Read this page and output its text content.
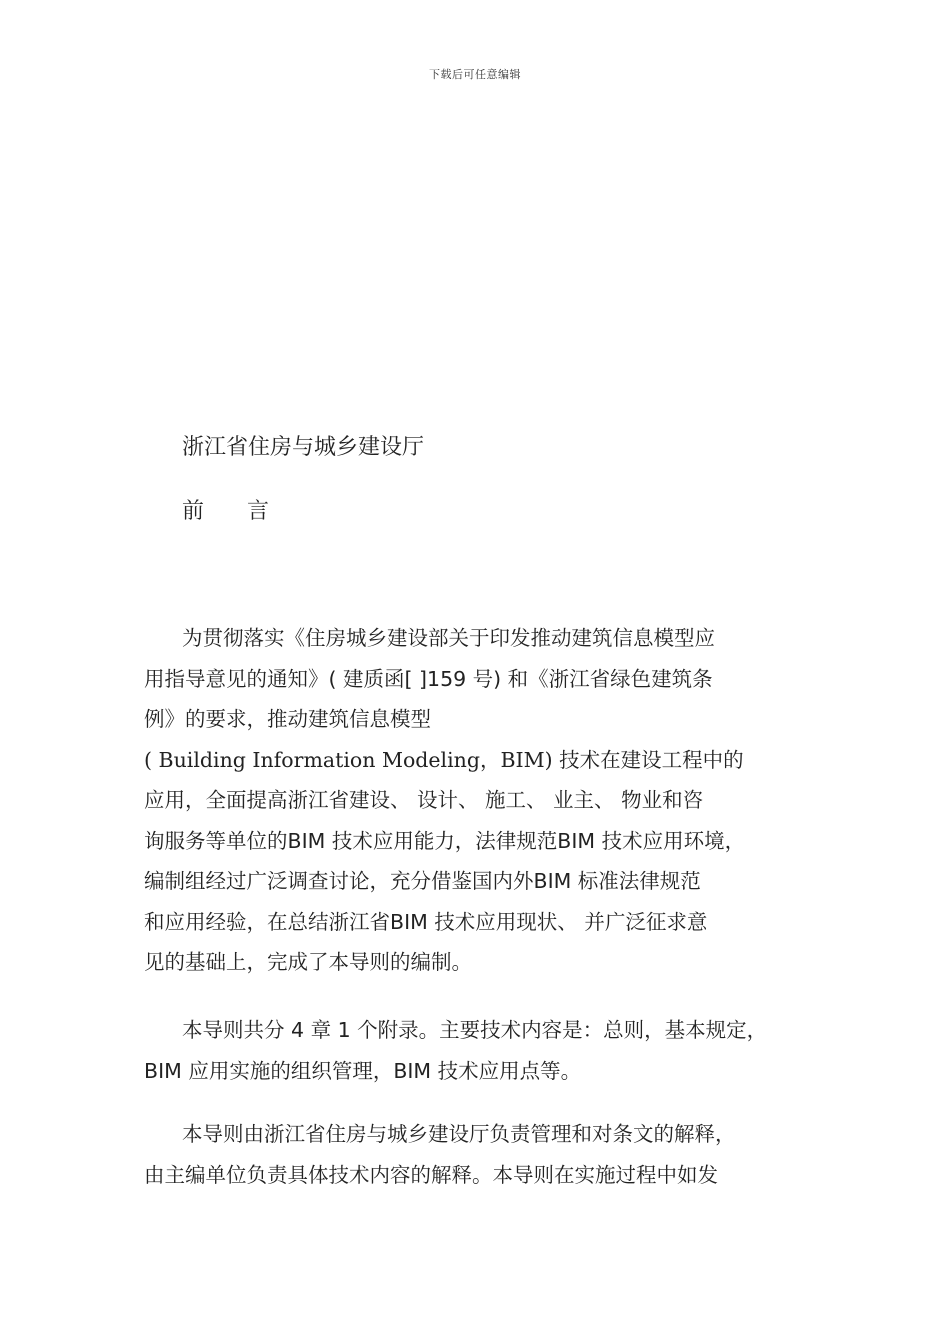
下载后可任意编辑
浙江省住房与城乡建设厅
前 言
为贯彻落实《住房城乡建设部关于印发推动建筑信息模型应
用指导意见的通知》( 建质函[ ]159 号) 和《浙江省绿色建筑条
例》的要求，推动建筑信息模型
( Building Information Modeling，BIM) 技术在建设工程中的
应用，全面提高浙江省建设、 设计、 施工、 业主、 物业和咨
询服务等单位的BIM 技术应用能力，法律规范BIM 技术应用环境，
编制组经过广泛调查讨论，充分借鉴国内外BIM 标准法律规范
和应用经验，在总结浙江省BIM 技术应用现状、 并广泛征求意
见的基础上，完成了本导则的编制。
本导则共分 4 章 1 个附录。主要技术内容是：总则，基本规定，
BIM 应用实施的组织管理，BIM 技术应用点等。
本导则由浙江省住房与城乡建设厅负责管理和对条文的解释，
由主编单位负责具体技术内容的解释。本导则在实施过程中如发
